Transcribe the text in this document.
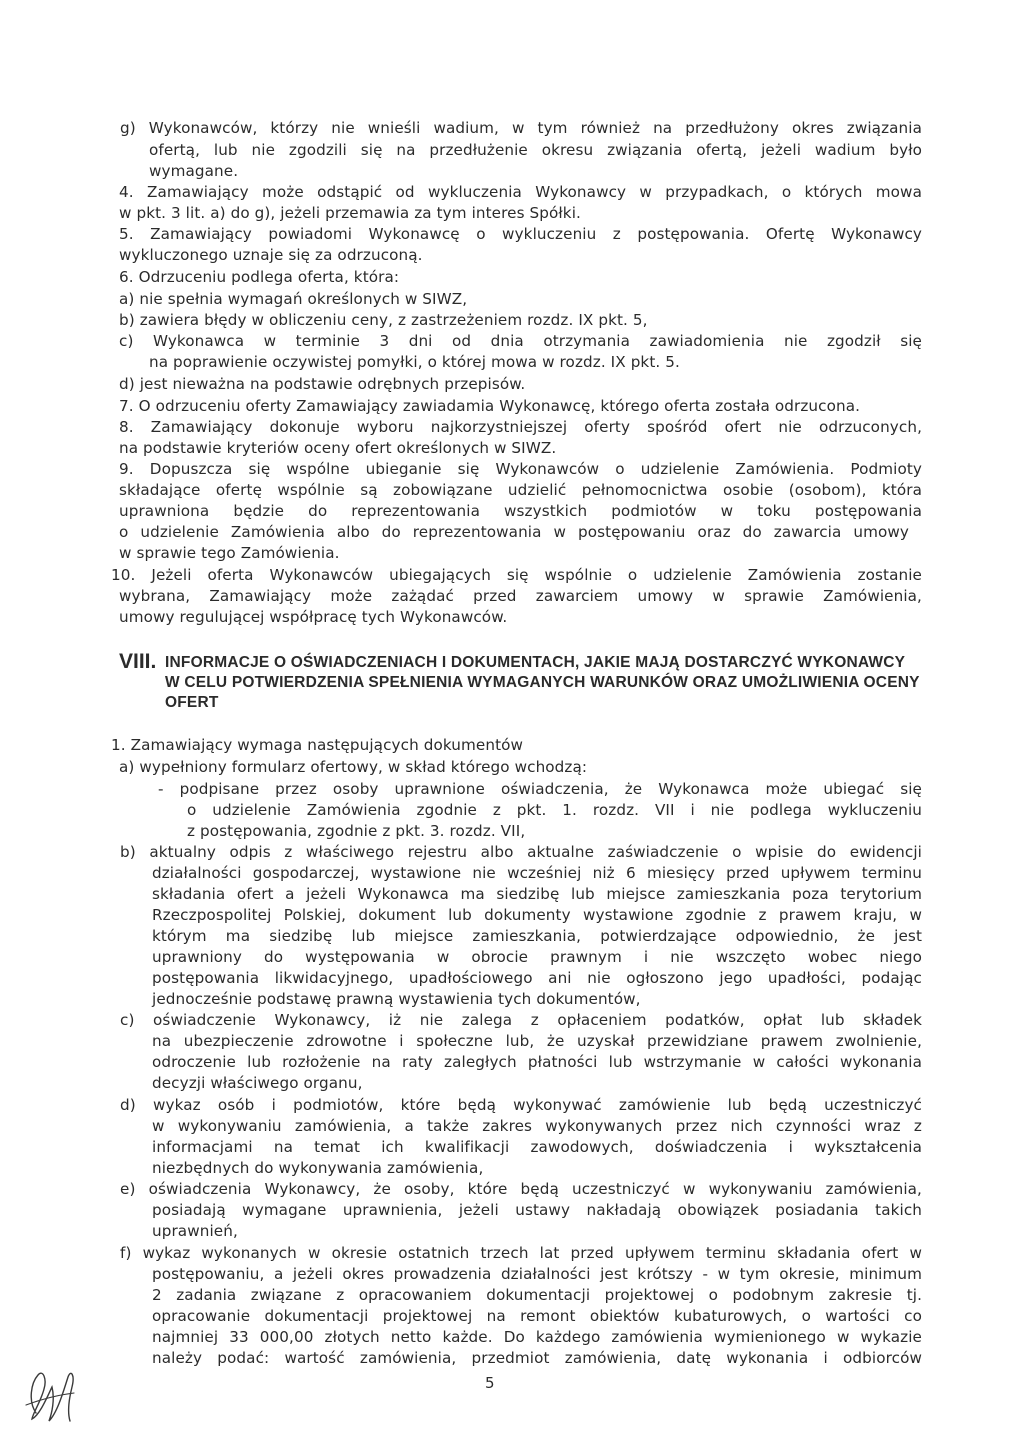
g) Wykonawców, którzy nie wnieśli wadium, w tym również na przedłużony okres związania
ofertą, lub nie zgodzili się na przedłużenie okresu związania ofertą, jeżeli wadium było
wymagane.
4. Zamawiający może odstąpić od wykluczenia Wykonawcy w przypadkach, o których mowa
w pkt. 3 lit. a) do g), jeżeli przemawia za tym interes Spółki.
5. Zamawiający powiadomi Wykonawcę o wykluczeniu z postępowania. Ofertę Wykonawcy
wykluczonego uznaje się za odrzuconą.
6. Odrzuceniu podlega oferta, która:
a) nie spełnia wymagań określonych w SIWZ,
b) zawiera błędy w obliczeniu ceny, z zastrzeżeniem rozdz. IX pkt. 5,
c) Wykonawca w terminie 3 dni od dnia otrzymania zawiadomienia nie zgodził się
na poprawienie oczywistej pomyłki, o której mowa w rozdz. IX pkt. 5.
d) jest nieważna na podstawie odrębnych przepisów.
7. O odrzuceniu oferty Zamawiający zawiadamia Wykonawcę, którego oferta została odrzucona.
8. Zamawiający dokonuje wyboru najkorzystniejszej oferty spośród ofert nie odrzuconych,
na podstawie kryteriów oceny ofert określonych w SIWZ.
9. Dopuszcza się wspólne ubieganie się Wykonawców o udzielenie Zamówienia. Podmioty
składające ofertę wspólnie są zobowiązane udzielić pełnomocnictwa osobie (osobom), która
uprawniona będzie do reprezentowania wszystkich podmiotów w toku postępowania
o udzielenie Zamówienia albo do reprezentowania w postępowaniu oraz do zawarcia umowy
w sprawie tego Zamówienia.
10. Jeżeli oferta Wykonawców ubiegających się wspólnie o udzielenie Zamówienia zostanie
wybrana, Zamawiający może zażądać przed zawarciem umowy w sprawie Zamówienia,
umowy regulującej współpracę tych Wykonawców.
1. Zamawiający wymaga następujących dokumentów
a) wypełniony formularz ofertowy, w skład którego wchodzą:
- podpisane przez osoby uprawnione oświadczenia, że Wykonawca może ubiegać się
o udzielenie Zamówienia zgodnie z pkt. 1. rozdz. VII i nie podlega wykluczeniu
z postępowania, zgodnie z pkt. 3. rozdz. VII,
b) aktualny odpis z właściwego rejestru albo aktualne zaświadczenie o wpisie do ewidencji
działalności gospodarczej, wystawione nie wcześniej niż 6 miesięcy przed upływem terminu
składania ofert a jeżeli Wykonawca ma siedzibę lub miejsce zamieszkania poza terytorium
Rzeczpospolitej Polskiej, dokument lub dokumenty wystawione zgodnie z prawem kraju, w
którym ma siedzibę lub miejsce zamieszkania, potwierdzające odpowiednio, że jest
uprawniony do występowania w obrocie prawnym i nie wszczęto wobec niego
postępowania likwidacyjnego, upadłościowego ani nie ogłoszono jego upadłości, podając
jednocześnie podstawę prawną wystawienia tych dokumentów,
c) oświadczenie Wykonawcy, iż nie zalega z opłaceniem podatków, opłat lub składek
na ubezpieczenie zdrowotne i społeczne lub, że uzyskał przewidziane prawem zwolnienie,
odroczenie lub rozłożenie na raty zaległych płatności lub wstrzymanie w całości wykonania
decyzji właściwego organu,
d) wykaz osób i podmiotów, które będą wykonywać zamówienie lub będą uczestniczyć
w wykonywaniu zamówienia, a także zakres wykonywanych przez nich czynności wraz z
informacjami na temat ich kwalifikacji zawodowych, doświadczenia i wykształcenia
niezbędnych do wykonywania zamówienia,
e) oświadczenia Wykonawcy, że osoby, które będą uczestniczyć w wykonywaniu zamówienia,
posiadają wymagane uprawnienia, jeżeli ustawy nakładają obowiązek posiadania takich
uprawnień,
f) wykaz wykonanych w okresie ostatnich trzech lat przed upływem terminu składania ofert w
postępowaniu, a jeżeli okres prowadzenia działalności jest krótszy - w tym okresie, minimum
2 zadania związane z opracowaniem dokumentacji projektowej o podobnym zakresie tj.
opracowanie dokumentacji projektowej na remont obiektów kubaturowych, o wartości co
najmniej 33 000,00 złotych netto każde. Do każdego zamówienia wymienionego w wykazie
należy podać: wartość zamówienia, przedmiot zamówienia, datę wykonania i odbiorców
VIII. INFORMACJE O OŚWIADCZENIACH I DOKUMENTACH, JAKIE MAJĄ DOSTARCZYĆ WYKONAWCY
W CELU POTWIERDZENIA SPEŁNIENIA WYMAGANYCH WARUNKÓW ORAZ UMOŻLIWIENIA OCENY
OFERT
5
